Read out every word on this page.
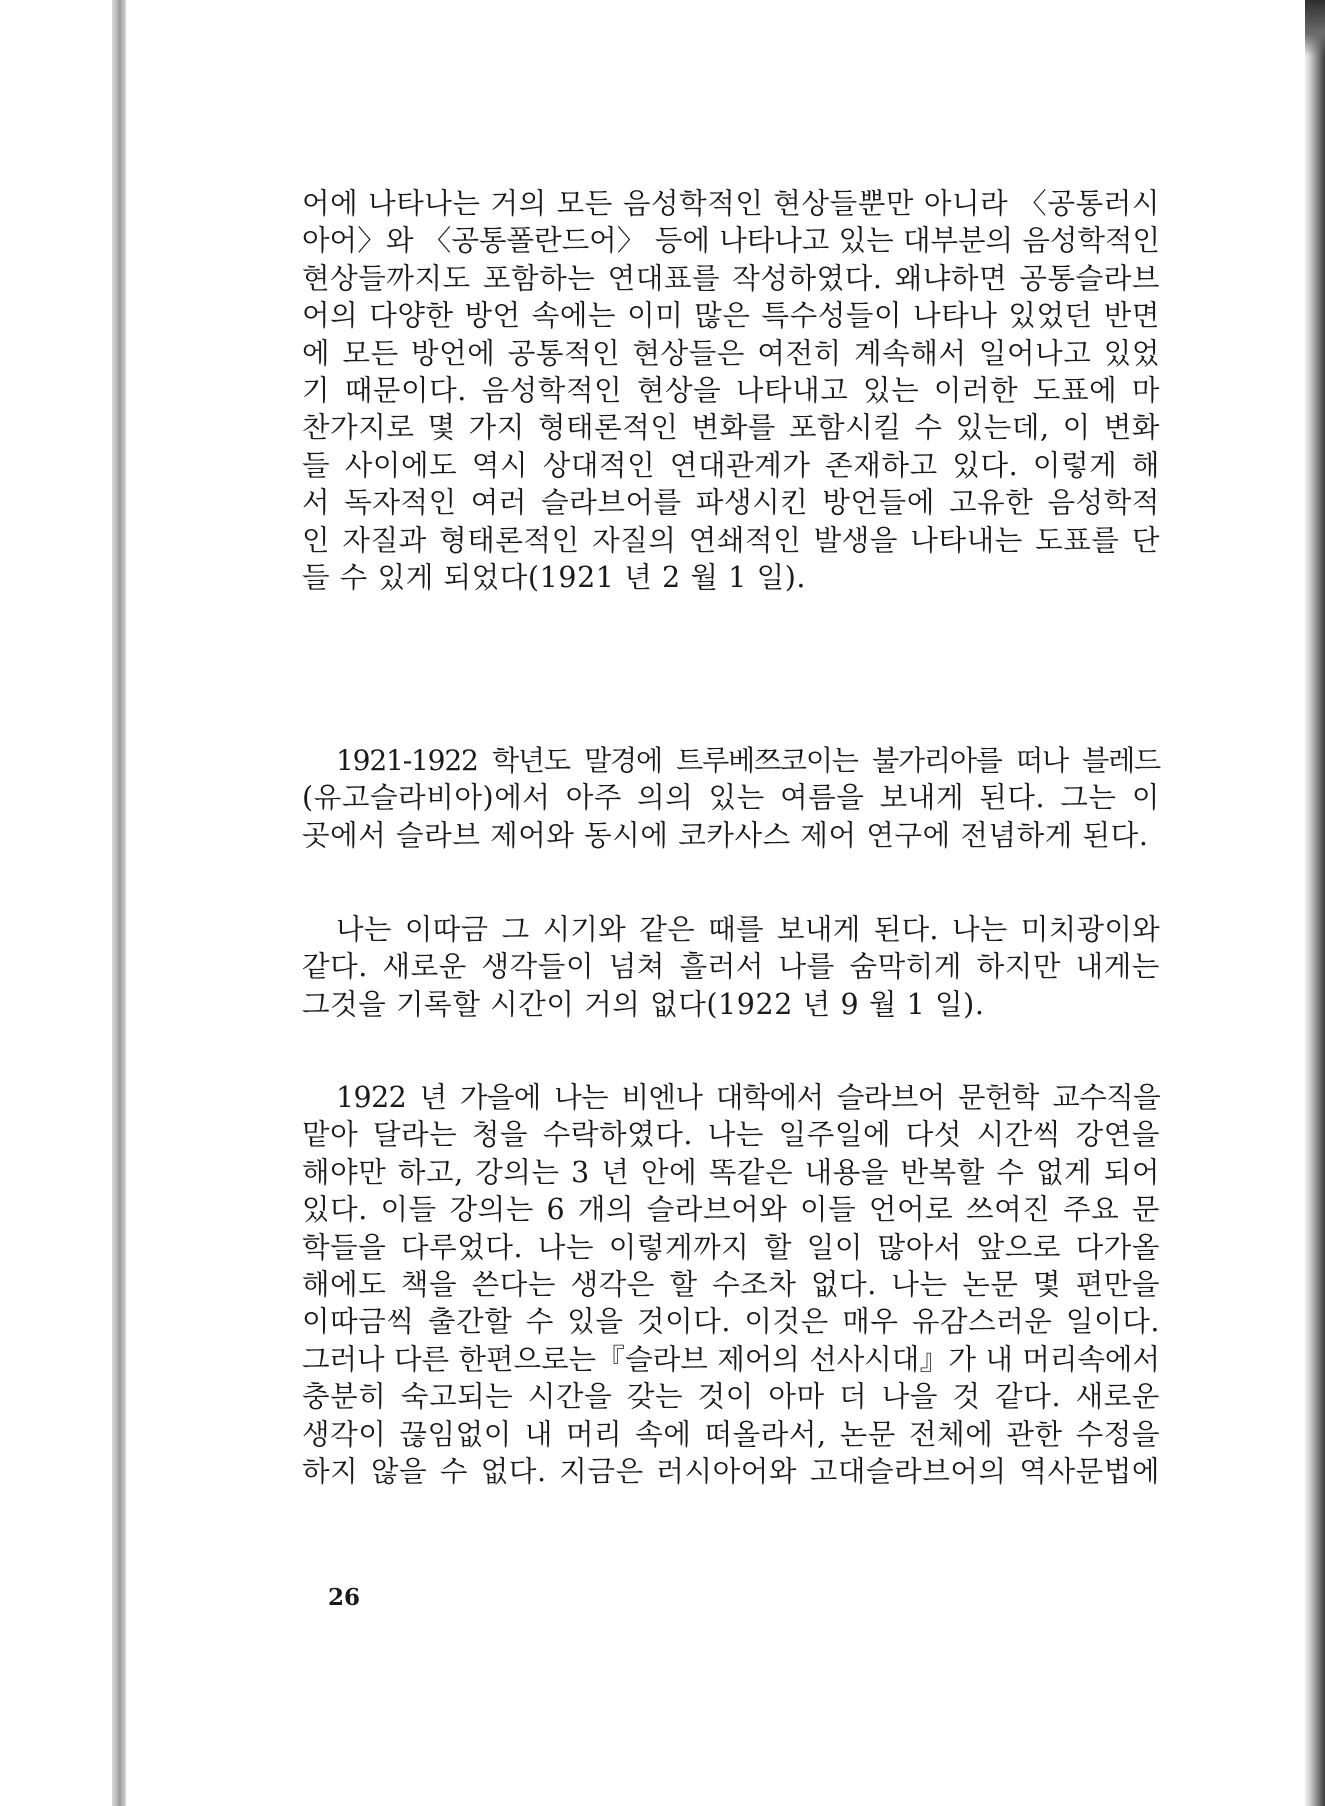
어에 나타나는 거의 모든 음성학적인 현상들뿐만 아니라 〈공통러시
아어〉와 〈공통폴란드어〉 등에 나타나고 있는 대부분의 음성학적인
현상들까지도 포함하는 연대표를 작성하였다. 왜냐하면 공통슬라브
어의 다양한 방언 속에는 이미 많은 특수성들이 나타나 있었던 반면
에 모든 방언에 공통적인 현상들은 여전히 계속해서 일어나고 있었
기 때문이다. 음성학적인 현상을 나타내고 있는 이러한 도표에 마
찬가지로 몇 가지 형태론적인 변화를 포함시킬 수 있는데, 이 변화
들 사이에도 역시 상대적인 연대관계가 존재하고 있다. 이렇게 해
서 독자적인 여러 슬라브어를 파생시킨 방언들에 고유한 음성학적
인 자질과 형태론적인 자질의 연쇄적인 발생을 나타내는 도표를 단
들 수 있게 되었다(1921 년 2 월 1 일).
1921-1922 학년도 말경에 트루베쯔코이는 불가리아를 떠나 블레드
(유고슬라비아)에서 아주 의의 있는 여름을 보내게 된다. 그는 이
곳에서 슬라브 제어와 동시에 코카사스 제어 연구에 전념하게 된다.
나는 이따금 그 시기와 같은 때를 보내게 된다. 나는 미치광이와
같다. 새로운 생각들이 넘쳐 흘러서 나를 숨막히게 하지만 내게는
그것을 기록할 시간이 거의 없다(1922 년 9 월 1 일).
1922 년 가을에 나는 비엔나 대학에서 슬라브어 문헌학 교수직을
맡아 달라는 청을 수락하였다. 나는 일주일에 다섯 시간씩 강연을
해야만 하고, 강의는 3 년 안에 똑같은 내용을 반복할 수 없게 되어
있다. 이들 강의는 6 개의 슬라브어와 이들 언어로 쓰여진 주요 문
학들을 다루었다. 나는 이렇게까지 할 일이 많아서 앞으로 다가올
해에도 책을 쓴다는 생각은 할 수조차 없다. 나는 논문 몇 편만을
이따금씩 출간할 수 있을 것이다. 이것은 매우 유감스러운 일이다.
그러나 다른 한편으로는『슬라브 제어의 선사시대』가 내 머리속에서
충분히 숙고되는 시간을 갖는 것이 아마 더 나을 것 같다. 새로운
생각이 끊임없이 내 머리 속에 떠올라서, 논문 전체에 관한 수정을
하지 않을 수 없다. 지금은 러시아어와 고대슬라브어의 역사문법에
26
